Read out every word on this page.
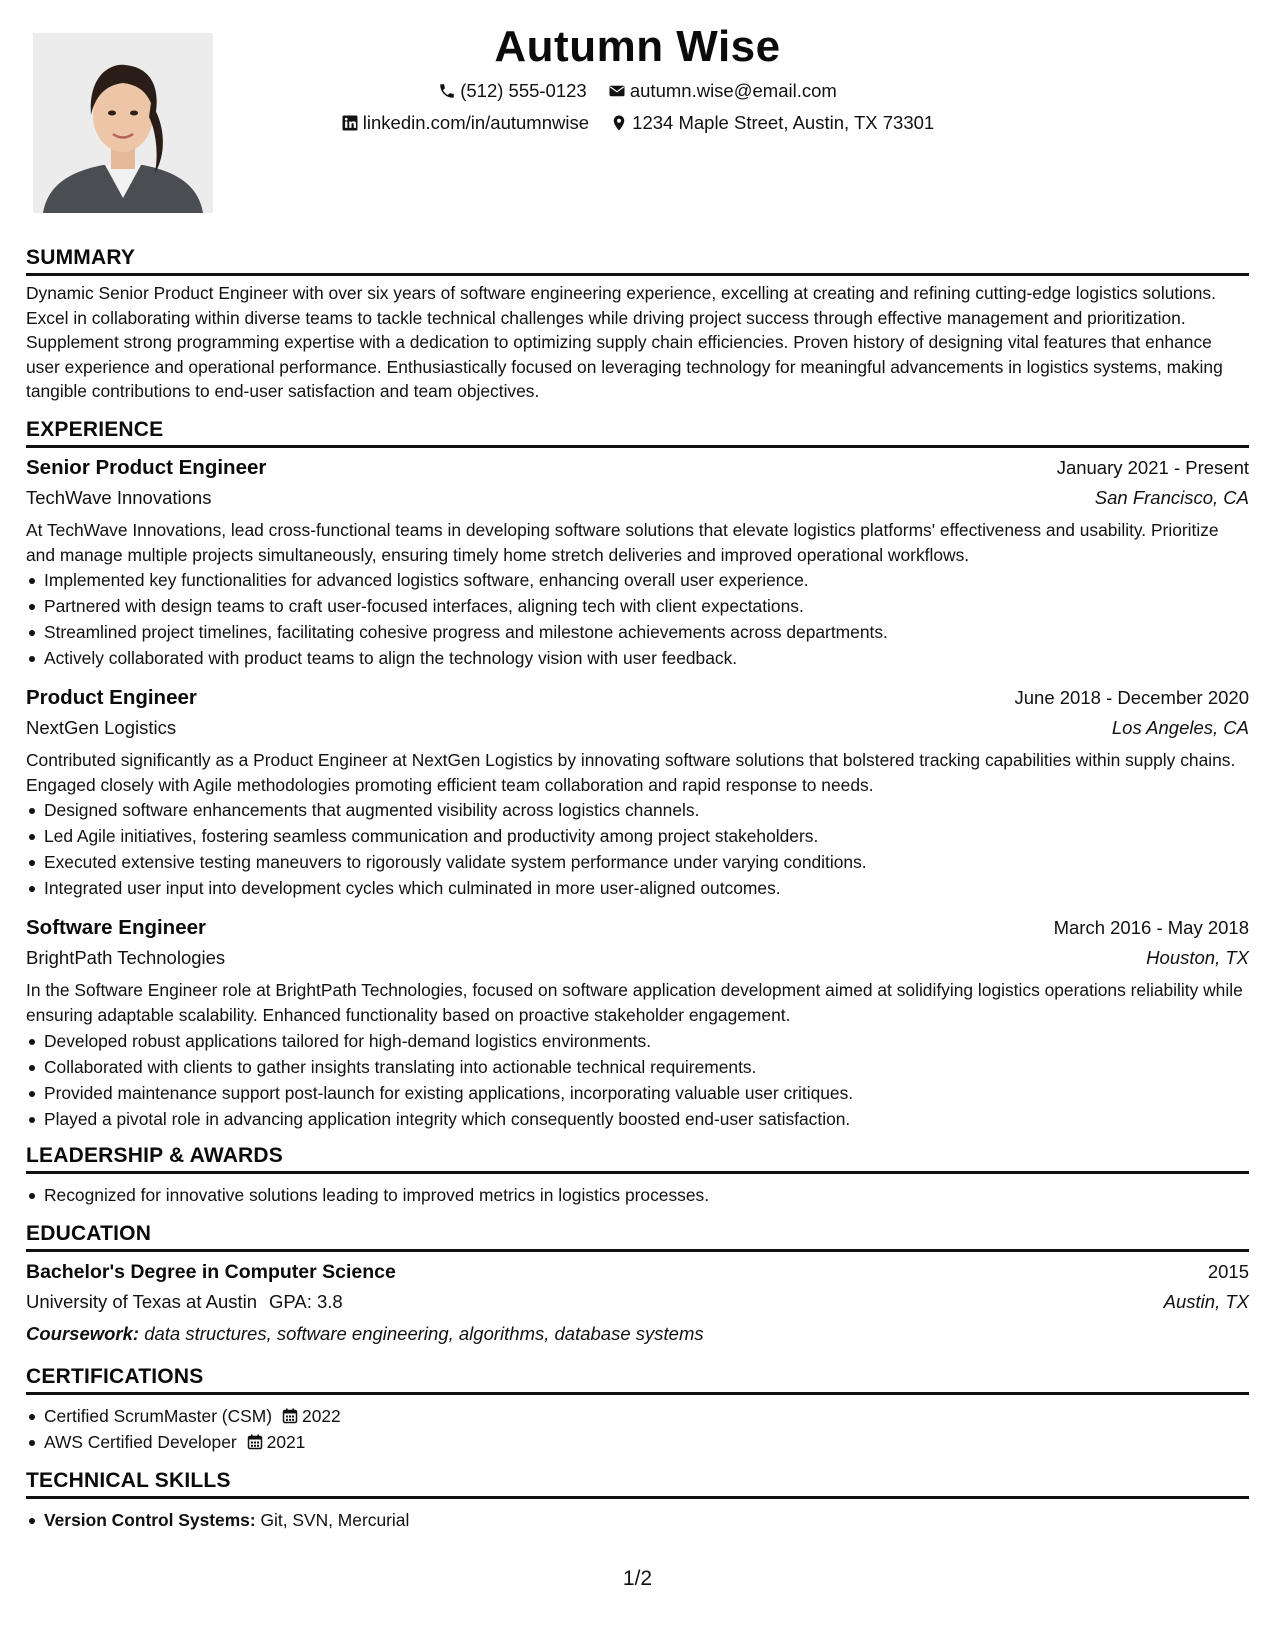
Autumn Wise
(512) 555-0123
autumn.wise@email.com
linkedin.com/in/autumnwise
1234 Maple Street, Austin, TX 73301
SUMMARY

Dynamic Senior Product Engineer with over six years of software engineering experience, excelling at creating and refining cutting-edge logistics solutions. Excel in collaborating within diverse teams to tackle technical challenges while driving project success through effective management and prioritization. Supplement strong programming expertise with a dedication to optimizing supply chain efficiencies. Proven history of designing vital features that enhance user experience and operational performance. Enthusiastically focused on leveraging technology for meaningful advancements in logistics systems, making tangible contributions to end-user satisfaction and team objectives.

EXPERIENCE
Senior Product Engineer	January 2021 - Present
TechWave Innovations	San Francisco, CA

At TechWave Innovations, lead cross-functional teams in developing software solutions that elevate logistics platforms' effectiveness and usability. Prioritize and manage multiple projects simultaneously, ensuring timely home stretch deliveries and improved operational workflows.

Implemented key functionalities for advanced logistics software, enhancing overall user experience.
Partnered with design teams to craft user-focused interfaces, aligning tech with client expectations.
Streamlined project timelines, facilitating cohesive progress and milestone achievements across departments.
Actively collaborated with product teams to align the technology vision with user feedback.
Product Engineer	June 2018 - December 2020
NextGen Logistics	Los Angeles, CA

Contributed significantly as a Product Engineer at NextGen Logistics by innovating software solutions that bolstered tracking capabilities within supply chains. Engaged closely with Agile methodologies promoting efficient team collaboration and rapid response to needs.

Designed software enhancements that augmented visibility across logistics channels.
Led Agile initiatives, fostering seamless communication and productivity among project stakeholders.
Executed extensive testing maneuvers to rigorously validate system performance under varying conditions.
Integrated user input into development cycles which culminated in more user-aligned outcomes.
Software Engineer	March 2016 - May 2018
BrightPath Technologies	Houston, TX

In the Software Engineer role at BrightPath Technologies, focused on software application development aimed at solidifying logistics operations reliability while ensuring adaptable scalability. Enhanced functionality based on proactive stakeholder engagement.

Developed robust applications tailored for high-demand logistics environments.
Collaborated with clients to gather insights translating into actionable technical requirements.
Provided maintenance support post-launch for existing applications, incorporating valuable user critiques.
Played a pivotal role in advancing application integrity which consequently boosted end-user satisfaction.
LEADERSHIP & AWARDS
Recognized for innovative solutions leading to improved metrics in logistics processes.
EDUCATION
Bachelor's Degree in Computer Science	2015
University of Texas at Austin GPA: 3.8	Austin, TX
Coursework: data structures, software engineering, algorithms, database systems
CERTIFICATIONS
Certified ScrumMaster (CSM) 2022
AWS Certified Developer 2021
TECHNICAL SKILLS
Version Control Systems: Git, SVN, Mercurial
1/2
